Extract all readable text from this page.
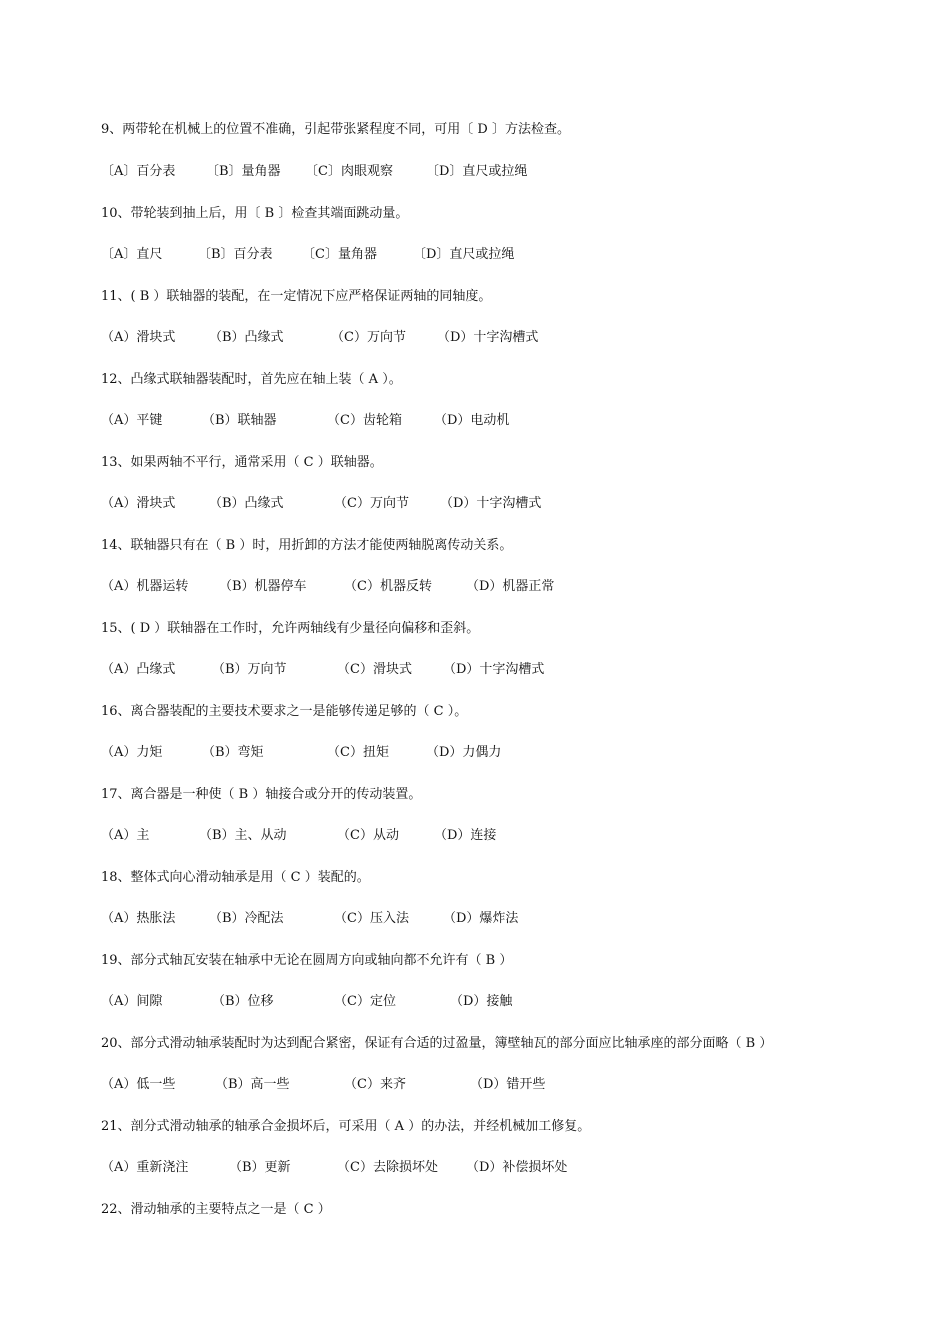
9、两带轮在机械上的位置不准确，引起带张紧程度不同，可用〔 D 〕方法检查。
〔A〕百分表 〔B〕量角器 〔C〕肉眼观察	〔D〕直尺或拉绳
10、带轮装到抽上后，用〔 B 〕检查其端面跳动量。
〔A〕直尺	〔B〕百分表 〔C〕量角器	〔D〕直尺或拉绳
11、( B ）联轴器的装配，在一定情况下应严格保证两轴的同轴度。
（A）滑块式	（B）凸缘式	（C）万向节 （D）十字沟槽式
12、凸缘式联轴器装配时，首先应在轴上装（ A ）。
（A）平键	（B）联轴器	（C）齿轮箱 （D）电动机
13、如果两轴不平行，通常采用（ C ）联轴器。
（A）滑块式	（B）凸缘式	（C）万向节 （D）十字沟槽式
14、联轴器只有在（ B ）时，用折卸的方法才能使两轴脱离传动关系。
（A）机器运转 （B）机器停车	（C）机器反转	（D）机器正常
15、( D ）联轴器在工作时，允许两轴线有少量径向偏移和歪斜。
（A）凸缘式	（B）万向节	（C）滑块式 （D）十字沟槽式
16、离合器装配的主要技术要求之一是能够传递足够的（ C ）。
（A）力矩	（B）弯矩	（C）扭矩	（D）力偶力
17、离合器是一种使（ B ）轴接合或分开的传动装置。
（A）主	（B）主、从动	（C）从动	（D）连接
18、整体式向心滑动轴承是用（ C ）装配的。
（A）热胀法	（B）冷配法	（C）压入法	（D）爆炸法
19、部分式轴瓦安装在轴承中无论在圆周方向或轴向都不允许有（ B ）
（A）间隙	（B）位移	（C）定位	（D）接触
20、部分式滑动轴承装配时为达到配合紧密，保证有合适的过盈量，簿壁轴瓦的部分面应比轴承座的部分面略（ B ）
（A）低一些	（B）高一些	（C）来齐	（D）错开些
21、剖分式滑动轴承的轴承合金损坏后，可采用（ A ）的办法，并经机械加工修复。
（A）重新浇注	（B）更新	（C）去除损坏处 （D）补偿损坏处
22、滑动轴承的主要特点之一是（ C ）
